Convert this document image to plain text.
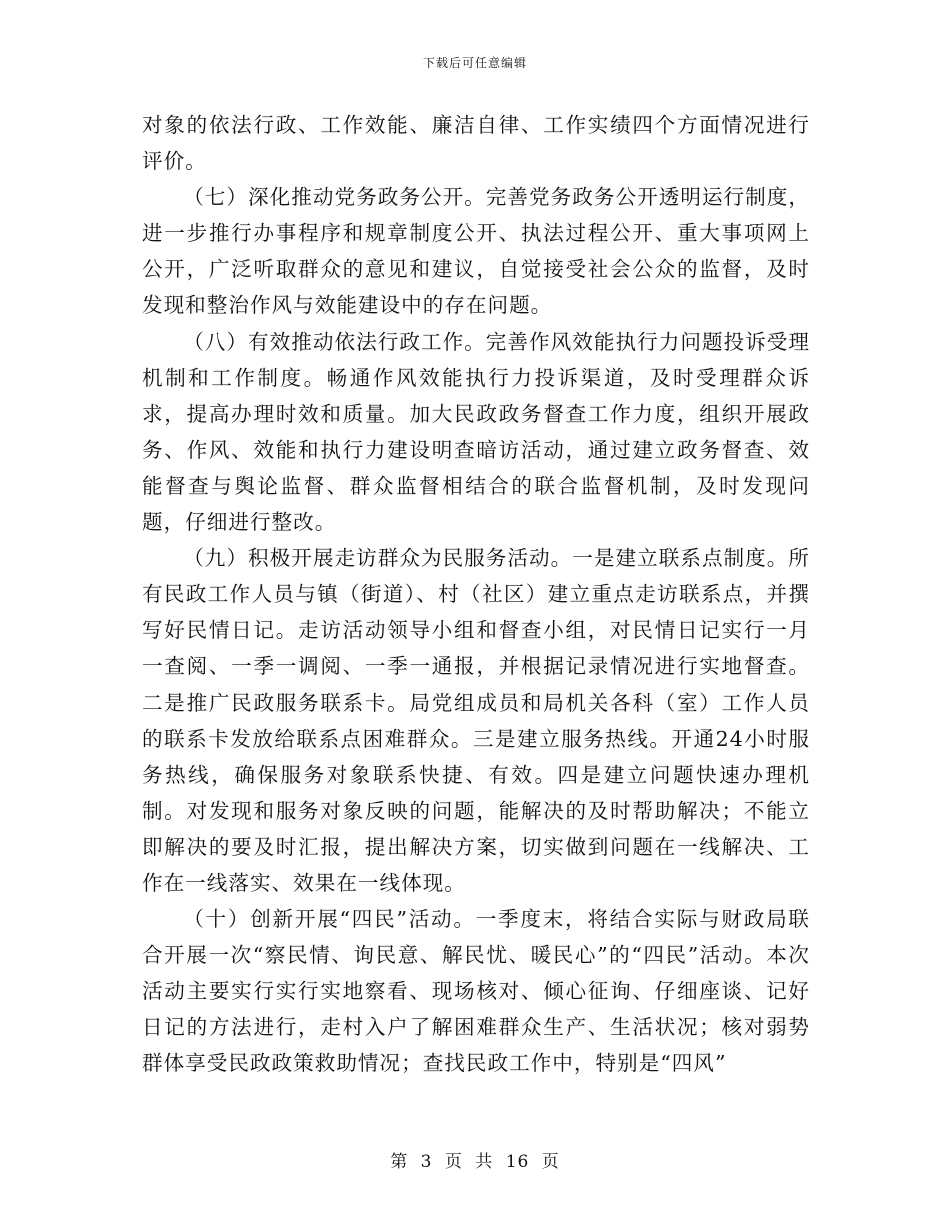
下载后可任意编辑

对象的依法行政、工作效能、廉洁自律、工作实绩四个方面情况进行评价。

（七）深化推动党务政务公开。完善党务政务公开透明运行制度，进一步推行办事程序和规章制度公开、执法过程公开、重大事项网上公开，广泛听取群众的意见和建议，自觉接受社会公众的监督，及时发现和整治作风与效能建设中的存在问题。

（八）有效推动依法行政工作。完善作风效能执行力问题投诉受理机制和工作制度。畅通作风效能执行力投诉渠道，及时受理群众诉求，提高办理时效和质量。加大民政政务督查工作力度，组织开展政务、作风、效能和执行力建设明查暗访活动，通过建立政务督查、效能督查与舆论监督、群众监督相结合的联合监督机制，及时发现问题，仔细进行整改。

（九）积极开展走访群众为民服务活动。一是建立联系点制度。所有民政工作人员与镇（街道）、村（社区）建立重点走访联系点，并撰写好民情日记。走访活动领导小组和督查小组，对民情日记实行一月一查阅、一季一调阅、一季一通报，并根据记录情况进行实地督查。二是推广民政服务联系卡。局党组成员和局机关各科（室）工作人员的联系卡发放给联系点困难群众。三是建立服务热线。开通24小时服务热线，确保服务对象联系快捷、有效。四是建立问题快速办理机制。对发现和服务对象反映的问题，能解决的及时帮助解决；不能立即解决的要及时汇报，提出解决方案，切实做到问题在一线解决、工作在一线落实、效果在一线体现。

（十）创新开展“四民”活动。一季度末，将结合实际与财政局联合开展一次“察民情、询民意、解民忧、暖民心”的“四民”活动。本次活动主要实行实行实地察看、现场核对、倾心征询、仔细座谈、记好日记的方法进行，走村入户了解困难群众生产、生活状况；核对弱势群体享受民政政策救助情况；查找民政工作中，特别是“四风”

第 3 页 共 16 页
